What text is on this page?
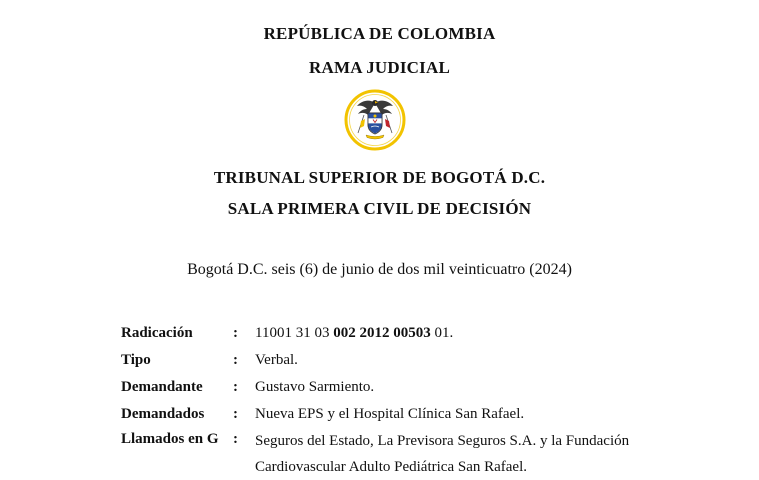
REPÚBLICA DE COLOMBIA
RAMA JUDICIAL
TRIBUNAL SUPERIOR DE BOGOTÁ D.C.
SALA PRIMERA CIVIL DE DECISIÓN
Bogotá D.C. seis (6) de junio de dos mil veinticuatro (2024)
Radicación	: 11001 31 03 002 2012 00503 01.
Tipo	: Verbal.
Demandante : Gustavo Sarmiento.
Demandados : Nueva EPS y el Hospital Clínica San Rafael.
Llamados en G : Seguros del Estado, La Previsora Seguros S.A. y la Fundación Cardiovascular Adulto Pediátrica San Rafael.
